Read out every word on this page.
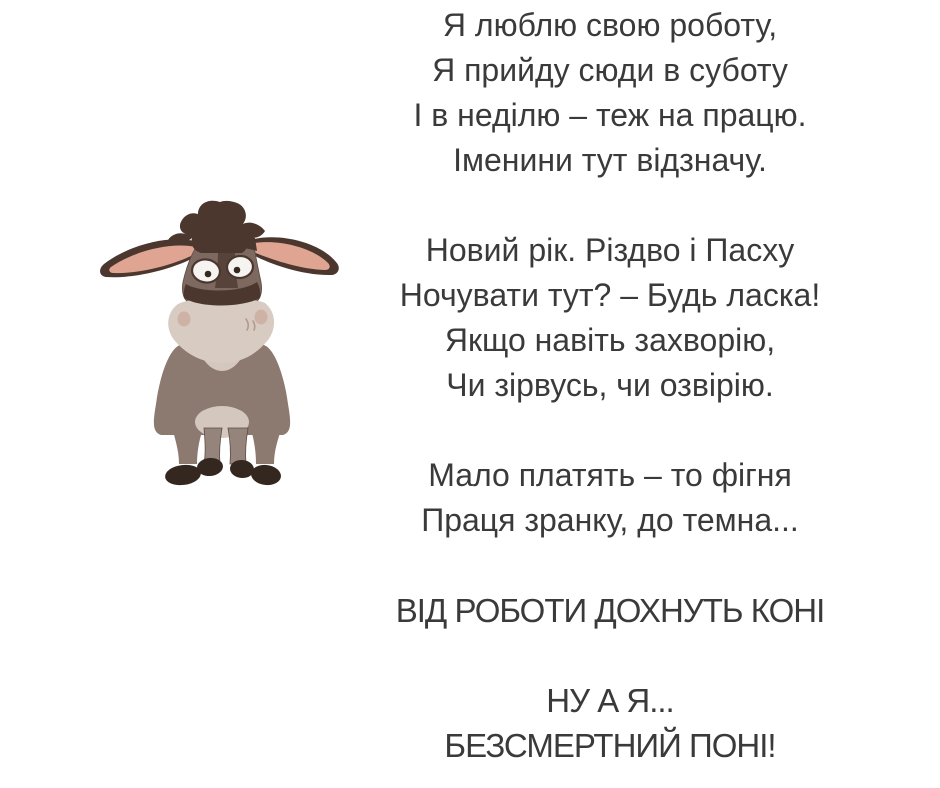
Я люблю свою роботу,
Я прийду сюди в суботу
І в неділю – теж на працю.
Іменини тут відзначу.
Новий рік. Різдво і Пасху
Ночувати тут? – Будь ласка!
Якщо навіть захворію,
Чи зірвусь, чи озвірію.
Мало платять – то фігня
Праця зранку, до темна...
ВІД РОБОТИ ДОХНУТЬ КОНІ
НУ А Я...
БЕЗСМЕРТНИЙ ПОНІ!
